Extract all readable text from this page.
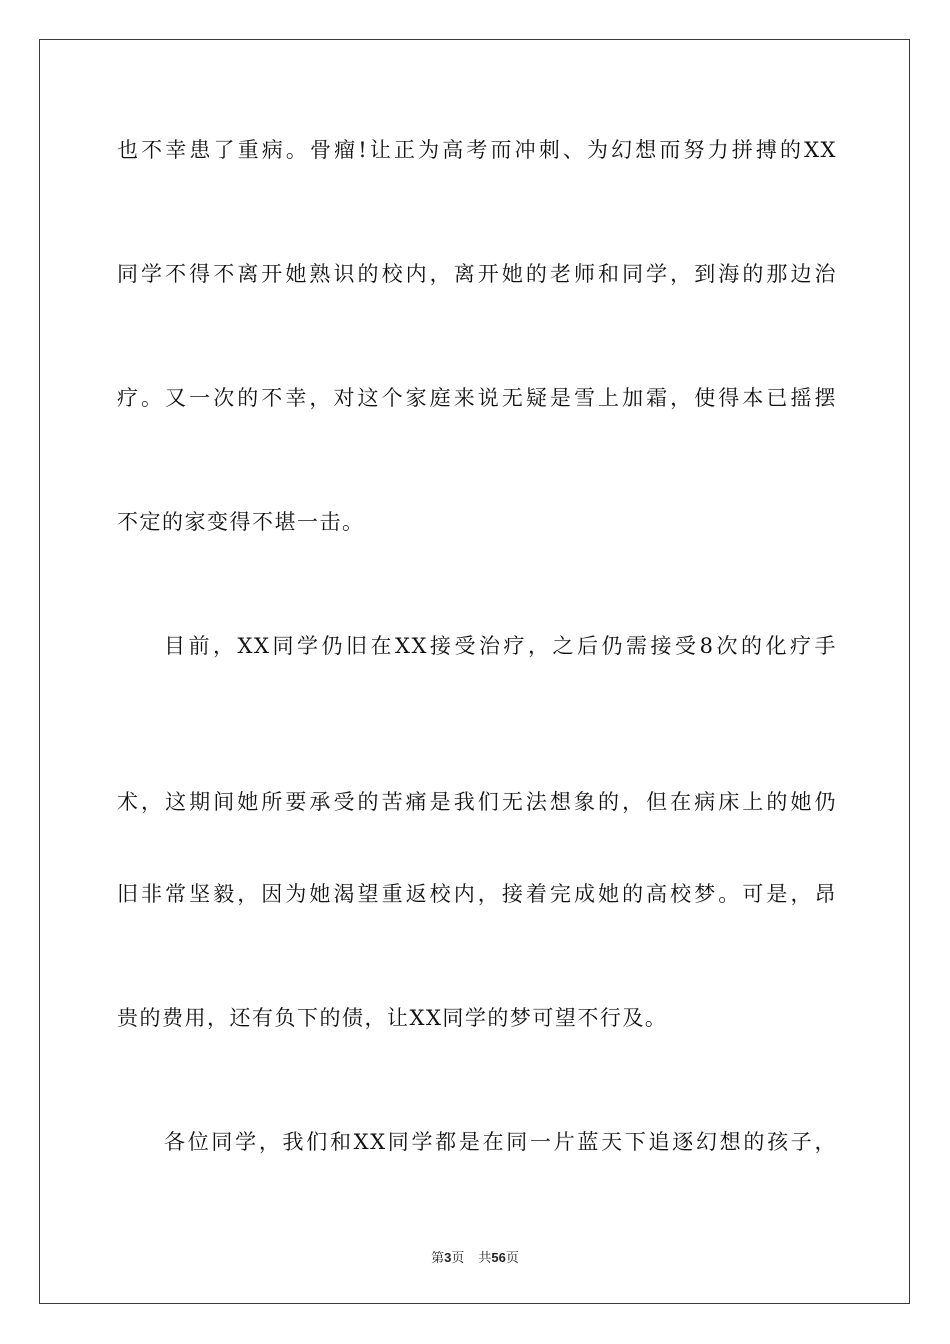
也不幸患了重病。骨瘤!让正为高考而冲刺、为幻想而努力拼搏的XX
同学不得不离开她熟识的校内，离开她的老师和同学，到海的那边治
疗。又一次的不幸，对这个家庭来说无疑是雪上加霜，使得本已摇摆
不定的家变得不堪一击。
目前，XX同学仍旧在XX接受治疗，之后仍需接受8次的化疗手
术，这期间她所要承受的苦痛是我们无法想象的，但在病床上的她仍
旧非常坚毅，因为她渴望重返校内，接着完成她的高校梦。可是，昂
贵的费用，还有负下的债，让XX同学的梦可望不行及。
各位同学，我们和XX同学都是在同一片蓝天下追逐幻想的孩子，
第3页 共56页
